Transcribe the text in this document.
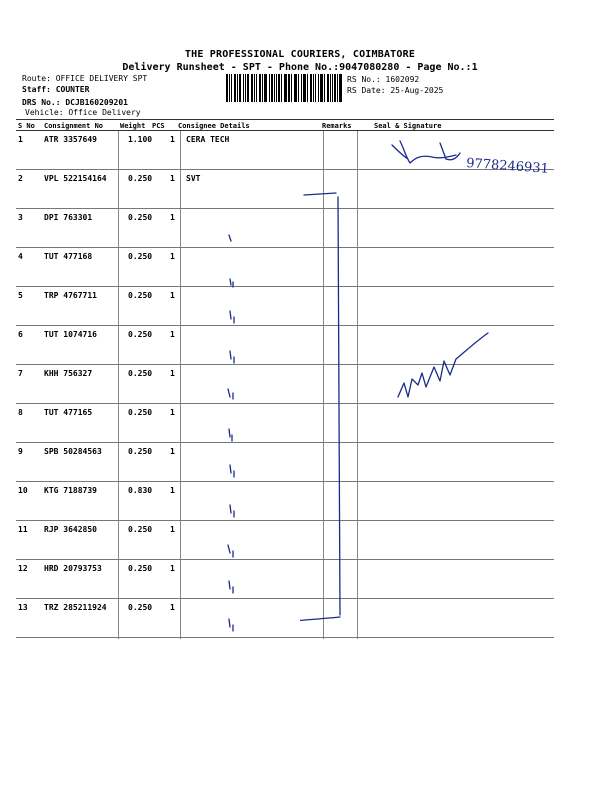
THE PROFESSIONAL COURIERS, COIMBATORE
Delivery Runsheet - SPT - Phone No.:9047080280 - Page No.:1
Route: OFFICE DELIVERY SPT
Staff: COUNTER
DRS No.: DCJB160209201
Vehicle: Office Delivery
RS No.: 1602092
RS Date: 25-Aug-2025
S No Consignment No Weight PCS Consignee Details	Remarks	Seal & Signature
1	ATR 3357649	1.100 1 CERA TECH
2	VPL 522154164	0.250 1 SVT
3	DPI 763301	0.250 1
4	TUT 477168	0.250 1
5	TRP 4767711	0.250 1
6	TUT 1074716	0.250 1
7	KHH 756327	0.250 1
8	TUT 477165	0.250 1
9	SPB 50284563	0.250 1
10 KTG 7188739	0.830 1
11 RJP 3642850	0.250 1
12 HRD 20793753	0.250 1
13 TRZ 285211924	0.250 1
9778246931
